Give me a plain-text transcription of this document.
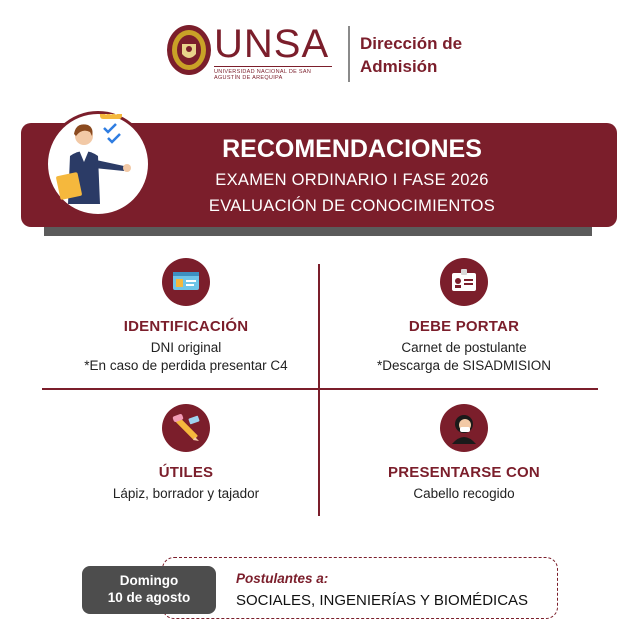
UNSA
UNIVERSIDAD NACIONAL DE SAN AGUSTÍN DE AREQUIPA
Dirección de
Admisión
RECOMENDACIONES
EXAMEN ORDINARIO I FASE 2026
EVALUACIÓN DE CONOCIMIENTOS
IDENTIFICACIÓN
DNI original
*En caso de perdida presentar C4
DEBE PORTAR
Carnet de postulante
*Descarga de SISADMISION
ÚTILES
Lápiz, borrador y tajador
PRESENTARSE CON
Cabello recogido
Domingo
10 de agosto
Postulantes a:
SOCIALES, INGENIERÍAS Y BIOMÉDICAS
